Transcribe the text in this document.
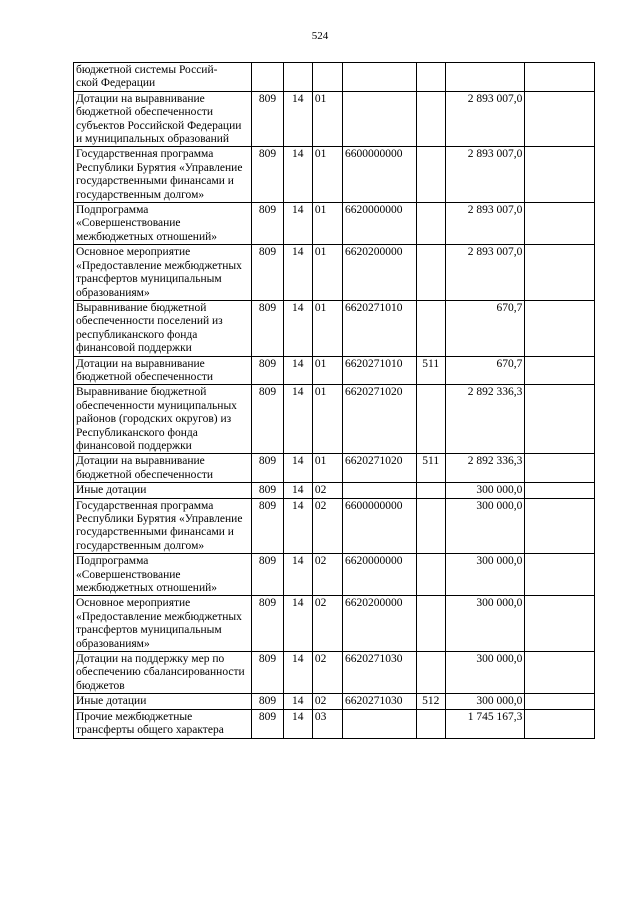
524
бюджетной системы Россий-
ской Федерации							
Дотации на выравнивание бюджетной обеспеченности субъектов Российской Федерации и муниципальных образований	809	14	01			2 893 007,0	
Государственная программа Республики Бурятия «Управление государственными финансами и государственным долгом»	809	14	01	6600000000		2 893 007,0	
Подпрограмма «Совершенствование межбюджетных отношений»	809	14	01	6620000000		2 893 007,0	
Основное мероприятие «Предоставление межбюджетных трансфертов муниципальным образованиям»	809	14	01	6620200000		2 893 007,0	
Выравнивание бюджетной обеспеченности поселений из республиканского фонда финансовой поддержки	809	14	01	6620271010		670,7	
Дотации на выравнивание бюджетной обеспеченности	809	14	01	6620271010	511	670,7	
Выравнивание бюджетной обеспеченности муниципальных районов (городских округов) из Республиканского фонда финансовой поддержки	809	14	01	6620271020		2 892 336,3	
Дотации на выравнивание бюджетной обеспеченности	809	14	01	6620271020	511	2 892 336,3	
Иные дотации	809	14	02			300 000,0	
Государственная программа Республики Бурятия «Управление государственными финансами и государственным долгом»	809	14	02	6600000000		300 000,0	
Подпрограмма «Совершенствование межбюджетных отношений»	809	14	02	6620000000		300 000,0	
Основное мероприятие «Предоставление межбюджетных трансфертов муниципальным образованиям»	809	14	02	6620200000		300 000,0	
Дотации на поддержку мер по обеспечению сбалансированности бюджетов	809	14	02	6620271030		300 000,0	
Иные дотации	809	14	02	6620271030	512	300 000,0	
Прочие межбюджетные трансферты общего характера	809	14	03			1 745 167,3	
